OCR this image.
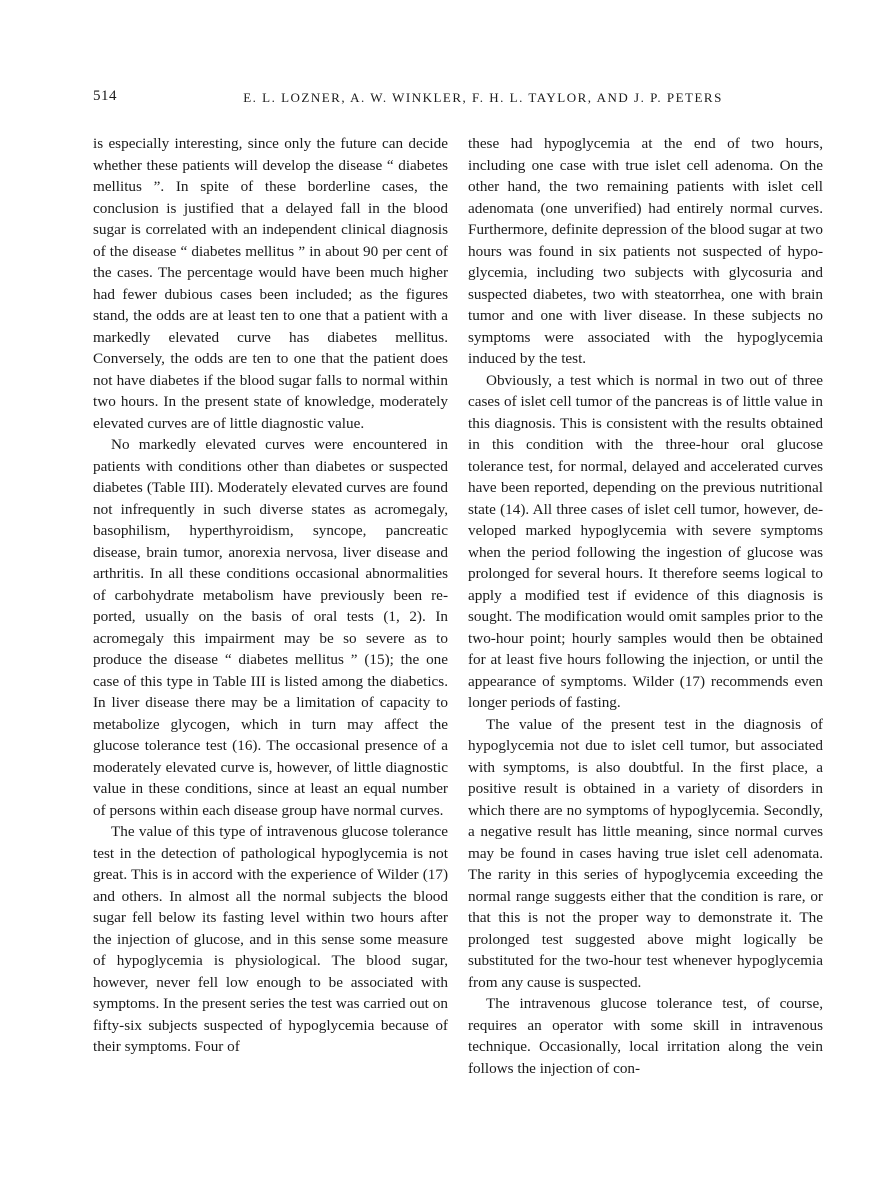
514	E. L. LOZNER, A. W. WINKLER, F. H. L. TAYLOR, AND J. P. PETERS

is especially interesting, since only the future can decide whether these patients will develop the disease “ diabetes mellitus ”. In spite of these borderline cases, the conclusion is justified that a delayed fall in the blood sugar is correlated with an independent clinical diagnosis of the disease “ diabetes mellitus ” in about 90 per cent of the cases. The percentage would have been much higher had fewer dubious cases been included; as the figures stand, the odds are at least ten to one that a patient with a markedly elevated curve has diabetes mellitus. Conversely, the odds are ten to one that the patient does not have diabetes if the blood sugar falls to normal within two hours. In the present state of knowledge, moderately elevated curves are of little diagnostic value.

No markedly elevated curves were encountered in patients with conditions other than diabetes or suspected diabetes (Table III). Moderately elevated curves are found not infrequently in such diverse states as acromegaly, basophilism, hyperthyroidism, syncope, pancreatic disease, brain tumor, anorexia nervosa, liver disease and arthritis. In all these conditions occasional abnormalities of carbohydrate metabolism have previously been reported, usually on the basis of oral tests (1, 2). In acromegaly this impairment may be so severe as to produce the disease “ diabetes mellitus ” (15); the one case of this type in Table III is listed among the diabetics. In liver disease there may be a limitation of capacity to metabolize glycogen, which in turn may affect the glucose tolerance test (16). The occasional presence of a moderately elevated curve is, however, of little diagnostic value in these conditions, since at least an equal number of persons within each disease group have normal curves.

The value of this type of intravenous glucose tolerance test in the detection of pathological hypoglycemia is not great. This is in accord with the experience of Wilder (17) and others. In almost all the normal subjects the blood sugar fell below its fasting level within two hours after the injection of glucose, and in this sense some measure of hypoglycemia is physiological. The blood sugar, however, never fell low enough to be associated with symptoms. In the present series the test was carried out on fifty-six subjects suspected of hypoglycemia because of their symptoms. Four of

these had hypoglycemia at the end of two hours, including one case with true islet cell adenoma. On the other hand, the two remaining patients with islet cell adenomata (one unverified) had entirely normal curves. Furthermore, definite depression of the blood sugar at two hours was found in six patients not suspected of hypoglycemia, including two subjects with glycosuria and suspected diabetes, two with steatorrhea, one with brain tumor and one with liver disease. In these subjects no symptoms were associated with the hypoglycemia induced by the test.

Obviously, a test which is normal in two out of three cases of islet cell tumor of the pancreas is of little value in this diagnosis. This is consistent with the results obtained in this condition with the three-hour oral glucose tolerance test, for normal, delayed and accelerated curves have been reported, depending on the previous nutritional state (14). All three cases of islet cell tumor, however, developed marked hypoglycemia with severe symptoms when the period following the ingestion of glucose was prolonged for several hours. It therefore seems logical to apply a modified test if evidence of this diagnosis is sought. The modification would omit samples prior to the two-hour point; hourly samples would then be obtained for at least five hours following the injection, or until the appearance of symptoms. Wilder (17) recommends even longer periods of fasting.

The value of the present test in the diagnosis of hypoglycemia not due to islet cell tumor, but associated with symptoms, is also doubtful. In the first place, a positive result is obtained in a variety of disorders in which there are no symptoms of hypoglycemia. Secondly, a negative result has little meaning, since normal curves may be found in cases having true islet cell adenomata. The rarity in this series of hypoglycemia exceeding the normal range suggests either that the condition is rare, or that this is not the proper way to demonstrate it. The prolonged test suggested above might logically be substituted for the two-hour test whenever hypoglycemia from any cause is suspected.

The intravenous glucose tolerance test, of course, requires an operator with some skill in intravenous technique. Occasionally, local irritation along the vein follows the injection of con-
